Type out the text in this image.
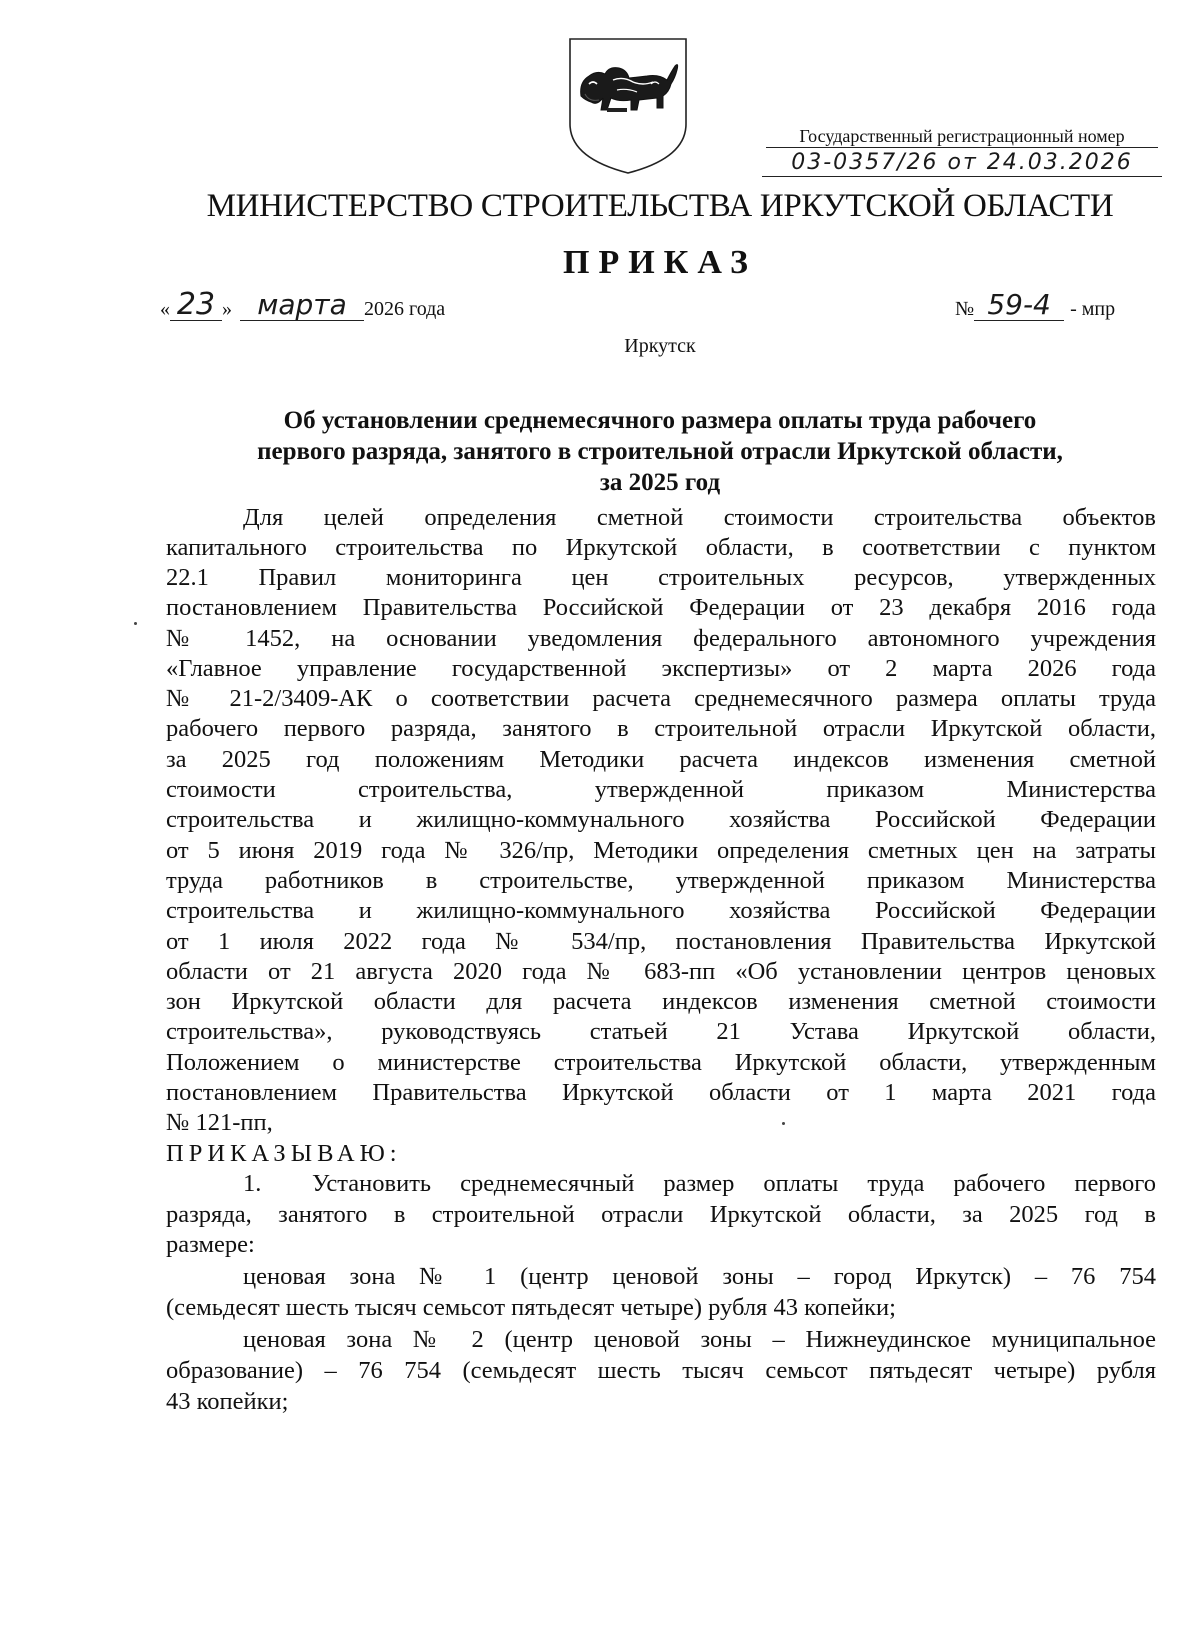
Государственный регистрационный номер
03-0357/26 от 24.03.2026
МИНИСТЕРСТВО СТРОИТЕЛЬСТВА ИРКУТСКОЙ ОБЛАСТИ
ПРИКАЗ
« 23 » марта 2026 года	№ 59-4 - мпр
Иркутск
Об установлении среднемесячного размера оплаты труда рабочего
первого разряда, занятого в строительной отрасли Иркутской области,
за 2025 год
Для целей определения сметной стоимости строительства объектов
капитального строительства по Иркутской области, в соответствии с пунктом
22.1 Правил мониторинга цен строительных ресурсов, утвержденных
постановлением Правительства Российской Федерации от 23 декабря 2016 года
№ 1452, на основании уведомления федерального автономного учреждения
«Главное управление государственной экспертизы» от 2 марта 2026 года
№ 21-2/3409-АК о соответствии расчета среднемесячного размера оплаты труда
рабочего первого разряда, занятого в строительной отрасли Иркутской области,
за 2025 год положениям Методики расчета индексов изменения сметной
стоимости строительства, утвержденной приказом Министерства
строительства и жилищно-коммунального хозяйства Российской Федерации
от 5 июня 2019 года № 326/пр, Методики определения сметных цен на затраты
труда работников в строительстве, утвержденной приказом Министерства
строительства и жилищно-коммунального хозяйства Российской Федерации
от 1 июля 2022 года № 534/пр, постановления Правительства Иркутской
области от 21 августа 2020 года № 683-пп «Об установлении центров ценовых
зон Иркутской области для расчета индексов изменения сметной стоимости
строительства», руководствуясь статьей 21 Устава Иркутской области,
Положением о министерстве строительства Иркутской области, утвержденным
постановлением Правительства Иркутской области от 1 марта 2021 года
№ 121-пп,
ПРИКАЗЫВАЮ:
1.	Установить среднемесячный размер оплаты труда рабочего первого
разряда, занятого в строительной отрасли Иркутской области, за 2025 год в
размере:
ценовая зона № 1 (центр ценовой зоны – город Иркутск) – 76 754
(семьдесят шесть тысяч семьсот пятьдесят четыре) рубля 43 копейки;
ценовая зона № 2 (центр ценовой зоны – Нижнеудинское муниципальное
образование) – 76 754 (семьдесят шесть тысяч семьсот пятьдесят четыре) рубля
43 копейки;
